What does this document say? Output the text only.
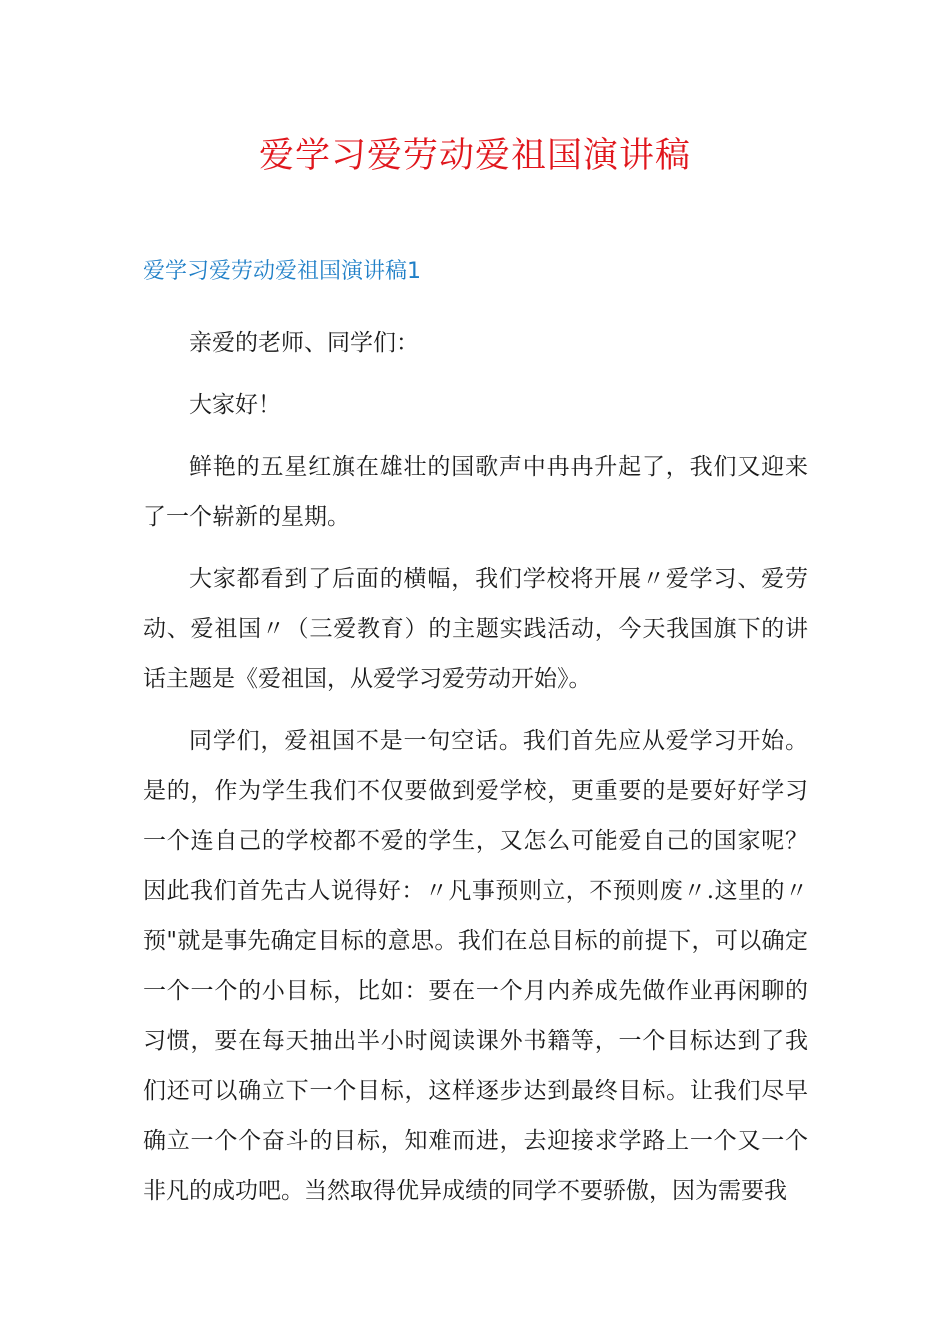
爱学习爱劳动爱祖国演讲稿
爱学习爱劳动爱祖国演讲稿1

亲爱的老师、同学们：

大家好！

鲜艳的五星红旗在雄壮的国歌声中冉冉升起了，我们又迎来了一个崭新的星期。

大家都看到了后面的横幅，我们学校将开展〃爱学习、爱劳动、爱祖国〃（三爱教育）的主题实践活动，今天我国旗下的讲话主题是《爱祖国，从爱学习爱劳动开始》。

同学们，爱祖国不是一句空话。我们首先应从爱学习开始。是的，作为学生我们不仅要做到爱学校，更重要的是要好好学习一个连自己的学校都不爱的学生，又怎么可能爱自己的国家呢？因此我们首先古人说得好：〃凡事预则立，不预则废〃.这里的〃预"就是事先确定目标的意思。我们在总目标的前提下，可以确定一个一个的小目标，比如：要在一个月内养成先做作业再闲聊的习惯，要在每天抽出半小时阅读课外书籍等，一个目标达到了我们还可以确立下一个目标，这样逐步达到最终目标。让我们尽早确立一个个奋斗的目标，知难而进，去迎接求学路上一个又一个非凡的成功吧。当然取得优异成绩的同学不要骄傲，因为需要我
